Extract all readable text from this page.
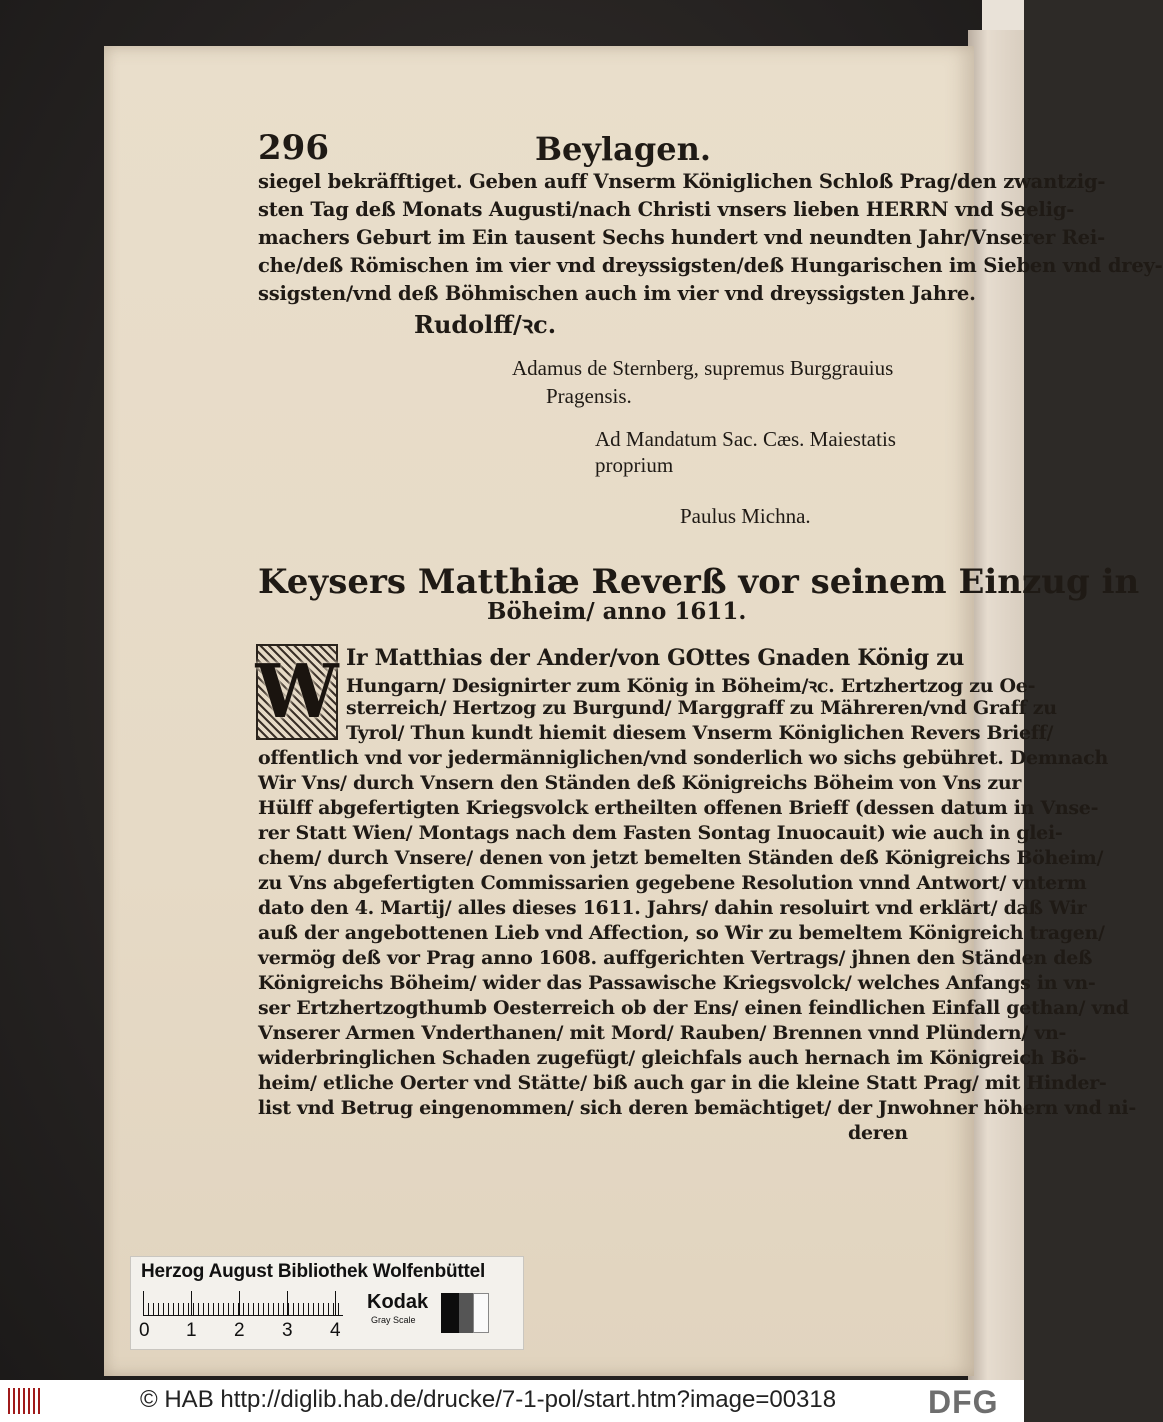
296	Beylagen.
siegel bekräfftiget. Geben auff Vnserm Königlichen Schloß Prag/den zwantzig-
sten Tag deß Monats Augusti/nach Christi vnsers lieben HERRN vnd Seelig-
machers Geburt im Ein tausent Sechs hundert vnd neundten Jahr/Vnserer Rei-
che/deß Römischen im vier vnd dreyssigsten/deß Hungarischen im Sieben vnd drey-
ssigsten/vnd deß Böhmischen auch im vier vnd dreyssigsten Jahre.
Rudolff/ꝛc.
Adamus de Sternberg, supremus Burggrauius
Pragensis.
Ad Mandatum Sac. Cæs. Maiestatis
proprium
Paulus Michna.
Keysers Matthiæ Reverß vor seinem Einzug in
Böheim/ anno 1611.
W Ir Matthias der Ander/von GOttes Gnaden König zu
Hungarn/ Designirter zum König in Böheim/ꝛc. Ertzhertzog zu Oe-
sterreich/ Hertzog zu Burgund/ Marggraff zu Mähreren/vnd Graff zu
Tyrol/ Thun kundt hiemit diesem Vnserm Königlichen Revers Brieff/
offentlich vnd vor jedermänniglichen/vnd sonderlich wo sichs gebühret. Demnach
Wir Vns/ durch Vnsern den Ständen deß Königreichs Böheim von Vns zur
Hülff abgefertigten Kriegsvolck ertheilten offenen Brieff (dessen datum in Vnse-
rer Statt Wien/ Montags nach dem Fasten Sontag Inuocauit) wie auch in glei-
chem/ durch Vnsere/ denen von jetzt bemelten Ständen deß Königreichs Böheim/
zu Vns abgefertigten Commissarien gegebene Resolution vnnd Antwort/ vnterm
dato den 4. Martij/ alles dieses 1611. Jahrs/ dahin resoluirt vnd erklärt/ daß Wir
auß der angebottenen Lieb vnd Affection, so Wir zu bemeltem Königreich tragen/
vermög deß vor Prag anno 1608. auffgerichten Vertrags/ jhnen den Ständen deß
Königreichs Böheim/ wider das Passawische Kriegsvolck/ welches Anfangs in vn-
ser Ertzhertzogthumb Oesterreich ob der Ens/ einen feindlichen Einfall gethan/ vnd
Vnserer Armen Vnderthanen/ mit Mord/ Rauben/ Brennen vnnd Plündern/ vn-
widerbringlichen Schaden zugefügt/ gleichfals auch hernach im Königreich Bö-
heim/ etliche Oerter vnd Stätte/ biß auch gar in die kleine Statt Prag/ mit Hinder-
list vnd Betrug eingenommen/ sich deren bemächtiget/ der Jnwohner höhern vnd ni-
deren
Herzog August Bibliothek Wolfenbüttel
0 1 2 3 4
Kodak
Gray Scale
© HAB http://diglib.hab.de/drucke/7-1-pol/start.htm?image=00318	DFG
